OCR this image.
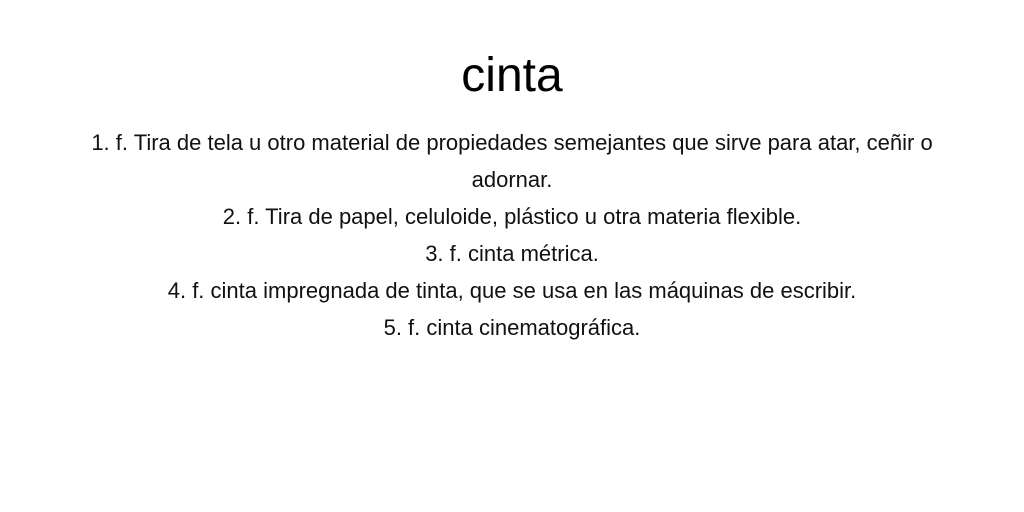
cinta
1. f. Tira de tela u otro material de propiedades semejantes que sirve para atar, ceñir o adornar.
2. f. Tira de papel, celuloide, plástico u otra materia flexible.
3. f. cinta métrica.
4. f. cinta impregnada de tinta, que se usa en las máquinas de escribir.
5. f. cinta cinematográfica.
